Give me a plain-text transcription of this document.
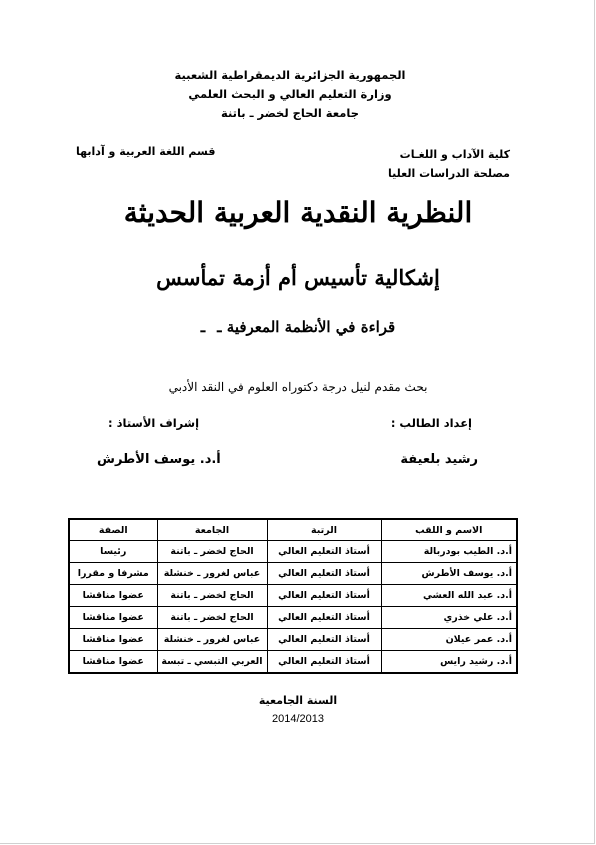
الجمهورية الجزائرية الديمقراطية الشعبية
وزارة التعليم العالي و البحث العلمي
جامعة الحاج لخضر ـ باتنة
كلية الآداب و اللغـات
مصلحة الدراسات العليا
قسم اللغة العربية و آدابها
النظرية النقدية العربية الحديثة
إشكالية تأسيس أم أزمة تمأسس
قراءة في الأنظمة المعرفية ــ
بحث مقدم لنيل درجة دكتوراه العلوم في النقد الأدبي
إعداد الطالب :
إشراف الأستاذ :
رشيد بلعيفة
أ.د. يوسف الأطرش
الاسم و اللقب	الرتبة	الجامعة	الصفة
أ.د. الطيب بودربالة	أستاذ التعليم العالي	الحاج لخضر ـ باتنة	رئيسا
أ.د. يوسف الأطرش	أستاذ التعليم العالي	عباس لغرور ـ خنشلة	مشرفا و مقررا
أ.د. عبد الله العشي	أستاذ التعليم العالي	الحاج لخضر ـ باتنة	عضوا مناقشا
أ.د. علي خذري	أستاذ التعليم العالي	الحاج لخضر ـ باتنة	عضوا مناقشا
أ.د. عمر عيلان	أستاذ التعليم العالي	عباس لغرور ـ خنشلة	عضوا مناقشا
أ.د. رشيد رايس	أستاذ التعليم العالي	العربي التبسي ـ تبسة	عضوا مناقشا
السنة الجامعية
2014/2013
